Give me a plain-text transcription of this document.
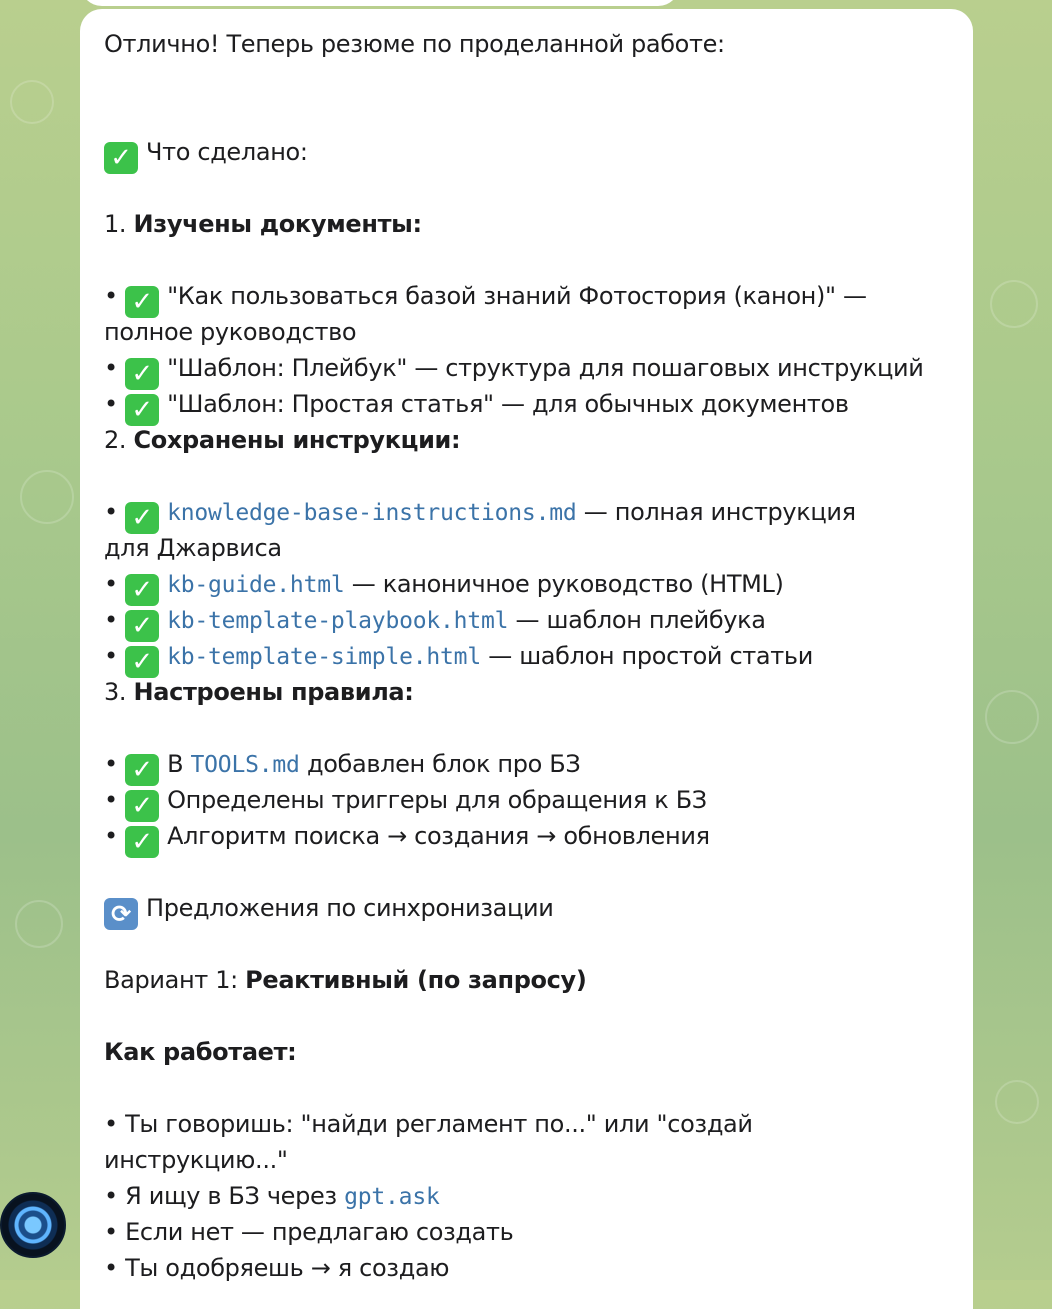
Отлично! Теперь резюме по проделанной работе:
✓ Что сделано:
1. Изучены документы:
• ✓ "Как пользоваться базой знаний Фотостория (канон)" —
полное руководство
• ✓ "Шаблон: Плейбук" — структура для пошаговых инструкций
• ✓ "Шаблон: Простая статья" — для обычных документов
2. Сохранены инструкции:
• ✓ knowledge-base-instructions.md — полная инструкция
для Джарвиса
• ✓ kb-guide.html — каноничное руководство (HTML)
• ✓ kb-template-playbook.html — шаблон плейбука
• ✓ kb-template-simple.html — шаблон простой статьи
3. Настроены правила:
• ✓ В TOOLS.md добавлен блок про БЗ
• ✓ Определены триггеры для обращения к БЗ
• ✓ Алгоритм поиска → создания → обновления
⟳ Предложения по синхронизации
Вариант 1: Реактивный (по запросу)
Как работает:
• Ты говоришь: "найди регламент по..." или "создай
инструкцию..."
• Я ищу в БЗ через gpt.ask
• Если нет — предлагаю создать
• Ты одобряешь → я создаю
